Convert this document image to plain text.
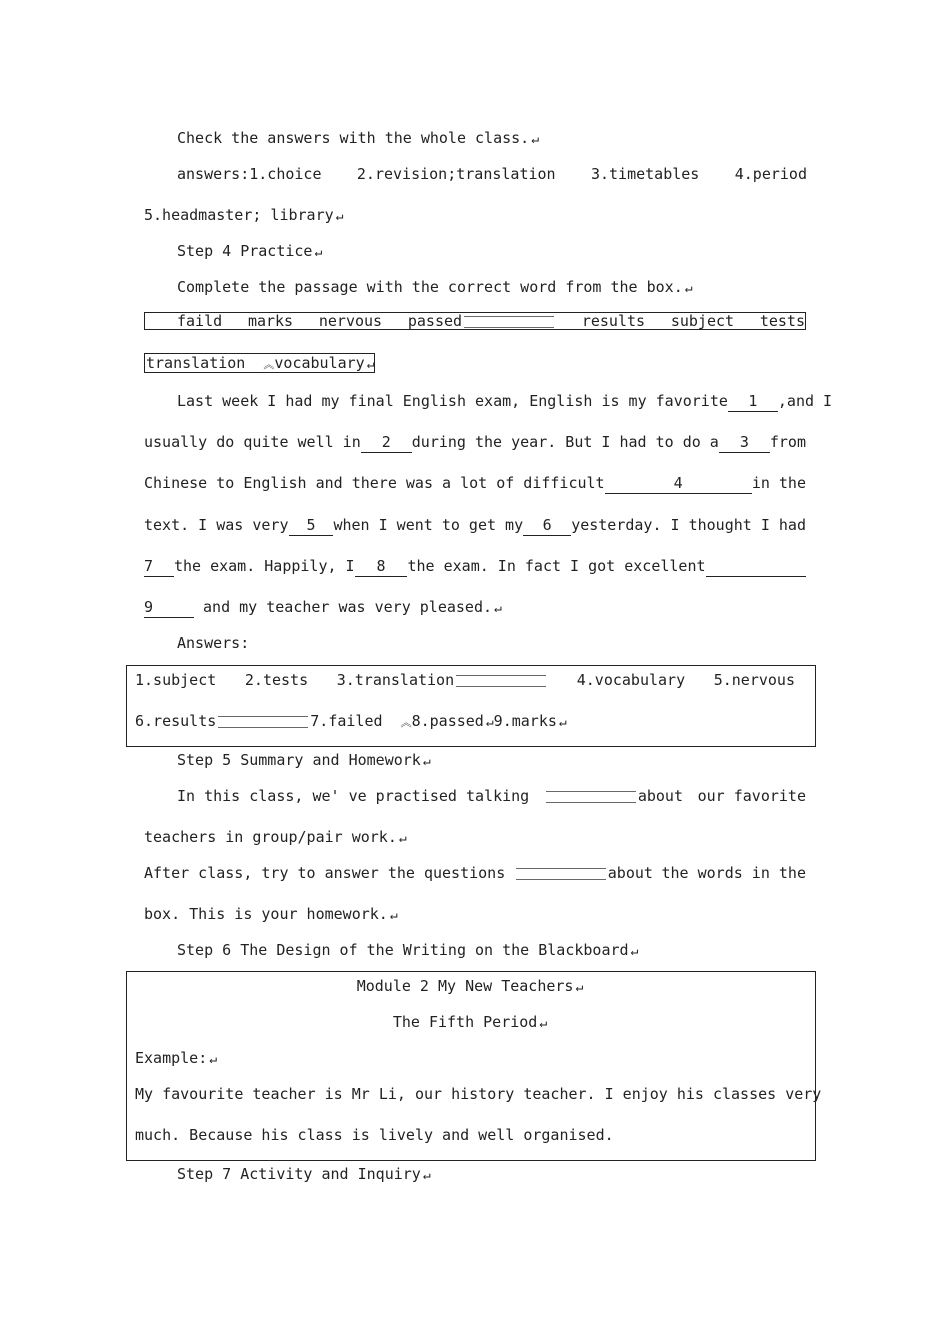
Check the answers with the whole class. ↵
answers:1.choice 2.revision;translation 3.timetables 4.period
5.headmaster; library ↵
Step 4 Practice ↵
Complete the passage with the correct word from the box. ↵
faild marks nervous passed	results subject tests
translation ︽vocabulary ↵
Last week I had my final English exam, English is my favorite	1 ,and I
usually do quite well in	2	during the year. But I had to do a	3	from
Chinese to English and there was a lot of difficult	4	in the
text. I was very	5	when I went to get my	6	yesterday. I thought I had
7	the exam. Happily, I	8	the exam. In fact I got excellent

9	and my teacher was very pleased. ↵
Answers:
1.subject 2.tests 3.translation	4.vocabulary 5.nervous
6.results	7.failed ︽8.passed ↵9.marks ↵
Step 5 Summary and Homework ↵
In this class, we' ve practised talking	about our favorite
teachers in group/pair work. ↵
After class, try to answer the questions	about the words in the
box. This is your homework. ↵
Step 6 The Design of the Writing on the Blackboard ↵
Module 2 My New Teachers ↵
The Fifth Period ↵
Example: ↵
My favourite teacher is Mr Li, our history teacher. I enjoy his classes very
much. Because his class is lively and well organised.
Step 7 Activity and Inquiry ↵
